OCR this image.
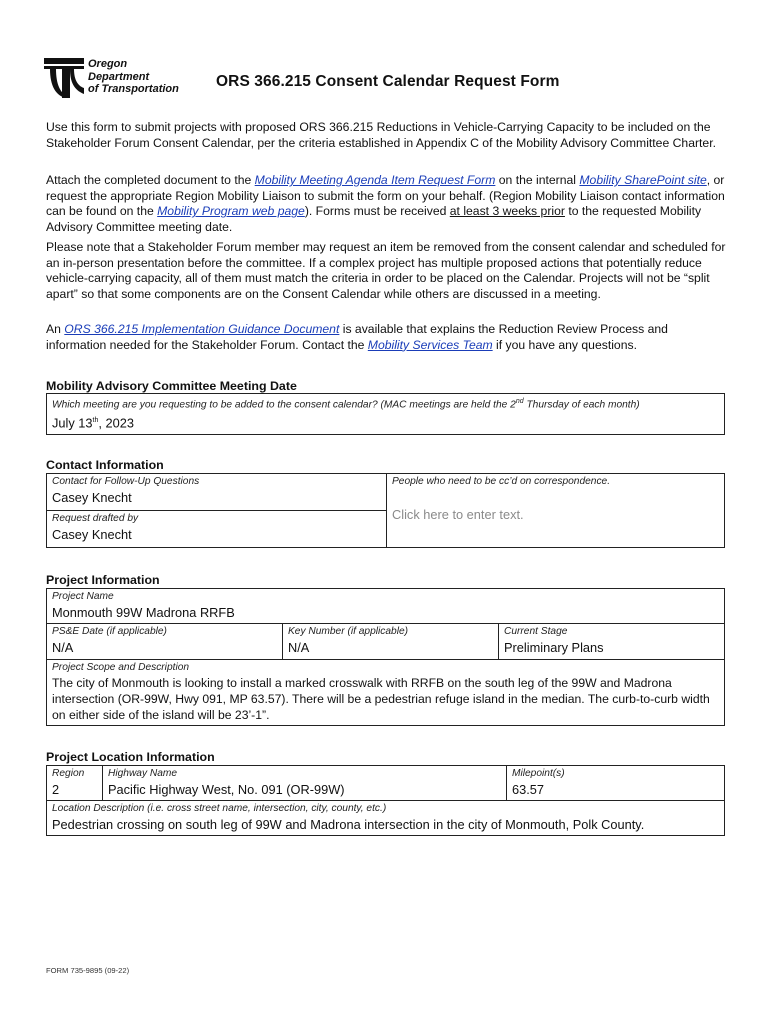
Oregon
Department
of Transportation ORS 366.215 Consent Calendar Request Form

Use this form to submit projects with proposed ORS 366.215 Reductions in Vehicle-Carrying Capacity to be included on the Stakeholder Forum Consent Calendar, per the criteria established in Appendix C of the Mobility Advisory Committee Charter.

Attach the completed document to the Mobility Meeting Agenda Item Request Form on the internal Mobility SharePoint site, or request the appropriate Region Mobility Liaison to submit the form on your behalf. (Region Mobility Liaison contact information can be found on the Mobility Program web page). Forms must be received at least 3 weeks prior to the requested Mobility Advisory Committee meeting date.

Please note that a Stakeholder Forum member may request an item be removed from the consent calendar and scheduled for an in-person presentation before the committee. If a complex project has multiple proposed actions that potentially reduce vehicle-carrying capacity, all of them must match the criteria in order to be placed on the Calendar. Projects will not be “split apart” so that some components are on the Consent Calendar while others are discussed in a meeting.

An ORS 366.215 Implementation Guidance Document is available that explains the Reduction Review Process and information needed for the Stakeholder Forum. Contact the Mobility Services Team if you have any questions.

Mobility Advisory Committee Meeting Date
Which meeting are you requesting to be added to the consent calendar? (MAC meetings are held the 2nd Thursday of each month)
July 13th, 2023
Contact Information
Contact for Follow-Up Questions
Casey Knecht

People who need to be cc’d on correspondence.
Click here to enter text.

Request drafted by
Casey Knecht
Project Information
Project Name
Monmouth 99W Madrona RRFB

PS&E Date (if applicable)
N/A

Key Number (if applicable)
N/A

Current Stage
Preliminary Plans

Project Scope and Description
The city of Monmouth is looking to install a marked crosswalk with RRFB on the south leg of the 99W and Madrona intersection (OR-99W, Hwy 091, MP 63.57). There will be a pedestrian refuge island in the median. The curb-to-curb width on either side of the island will be 23’-1”.
Project Location Information
Region
2

Highway Name
Pacific Highway West, No. 091 (OR-99W)

Milepoint(s)
63.57

Location Description (i.e. cross street name, intersection, city, county, etc.)
Pedestrian crossing on south leg of 99W and Madrona intersection in the city of Monmouth, Polk County.
FORM 735-9895 (09-22)
